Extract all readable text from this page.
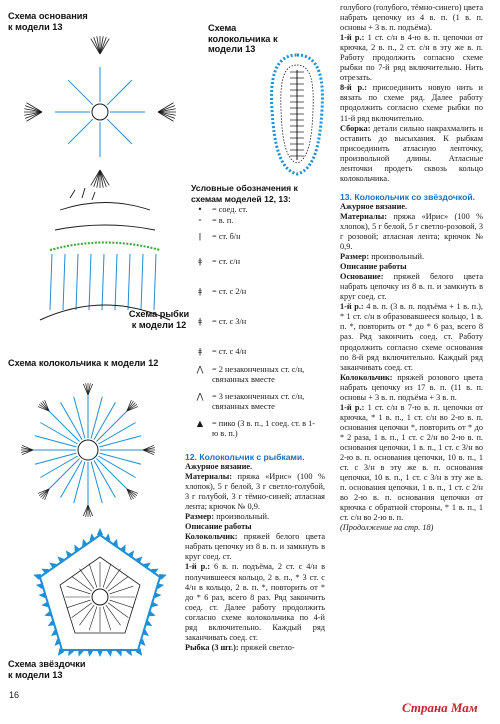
Схема основания к модели 13	Схема колокольчика к модели 13
Схема рыбки к модели 12
Схема колокольчика к модели 12
Схема звёздочки к модели 13
Условные обозначения к схемам моделей 12, 13:
•	= соед. ст.
⁃	= в. п.
ǀ	= ст. б/н
ǂ	= ст. с/н
ǂ	= ст. с 2/н
ǂ	= ст. с 3/н
ǂ	= ст. с 4/н
⋀	= 2 незаконченных ст. с/н, связанных вместе
⋀	= 3 незаконченных ст. с/н, связанных вместе
▲	= пико (3 в. п., 1 соед. ст. в 1-ю в. п.)

12. Колокольчик с рыбками.

Ажурное вязание.

Материалы: пряжа «Ирис» (100 % хлопок), 5 г белой, 3 г светло-голубой, 3 г голубой, 3 г тёмно-синей; атласная лента; крючок № 0,9.

Размер: произвольный.

Описание работы

Колокольчик: пряжей белого цвета набрать цепочку из 8 в. п. и замкнуть в круг соед. ст.

1-й р.: 6 в. п. подъёма, 2 ст. с 4/н в получившееся кольцо, 2 в. п., * 3 ст. с 4/н в кольцо, 2 в. п. *, повторить от * до * 6 раз, всего 8 раз. Ряд закончить соед. ст. Далее работу продолжить согласно схеме колокольчика по 4-й ряд включительно. Каждый ряд заканчивать соед. ст.

Рыбка (3 шт.): пряжей светло-

голубого (голубого, тёмно-синего) цвета набрать цепочку из 4 в. п. (1 в. п. основы + 3 в. п. подъёма).

1-й р.: 1 ст. с/н в 4-ю в. п. цепочки от крючка, 2 в. п., 2 ст. с/н в эту же в. п. Работу продолжить согласно схеме рыбки по 7-й ряд включительно. Нить отрезать.

8-й р.: присоединить новую нить и вязать по схеме ряд. Далее работу продолжить согласно схеме рыбки по 11-й ряд включительно.

Сборка: детали сильно накрахмалить и оставить до высыхания. К рыбкам присоединить атласную ленточку, произвольной длины. Атласные ленточки продеть сквозь кольцо колокольчика.

13. Колокольчик со звёздочкой.

Ажурное вязание.

Материалы: пряжа «Ирис» (100 % хлопок), 5 г белой, 5 г светло-розовой, 3 г розовой; атласная лента; крючок № 0,9.

Размер: произвольный.

Описание работы

Основание: пряжей белого цвета набрать цепочку из 8 в. п. и замкнуть в круг соед. ст.

1-й р.: 4 в. п. (3 в. п. подъёма + 1 в. п.), * 1 ст. с/н в образовавшееся кольцо, 1 в. п. *, повторить от * до * 6 раз, всего 8 раз. Ряд закончить соед. ст. Работу продолжить согласно схеме основания по 8-й ряд включительно. Каждый ряд заканчивать соед. ст.

Колокольчик: пряжей розового цвета набрать цепочку из 17 в. п. (11 в. п. основы + 3 в. п. подъёма + 3 в. п.

1-й р.: 1 ст. с/н в 7-ю в. п. цепочки от крючка, * 1 в. п., 1 ст. с/н во 2-ю в. п. основания цепочки *, повторить от * до * 2 раза, 1 в. п., 1 ст. с 2/н во 2-ю в. п. основания цепочки, 1 в. п., 1 ст. с 3/н во 2-ю в. п. основания цепочки, 10 в. п., 1 ст. с 3/н в эту же в. п. основания цепочки, 10 в. п., 1 ст. с 3/н в эту же в. п. основания цепочки, 1 в. п., 1 ст. с 2/н во 2-ю в. п. основания цепочки от крючка с обратной стороны, * 1 в. п., 1 ст. с/н во 2-ю в. п.

(Продолжение на стр. 18)

16
Страна Мам
